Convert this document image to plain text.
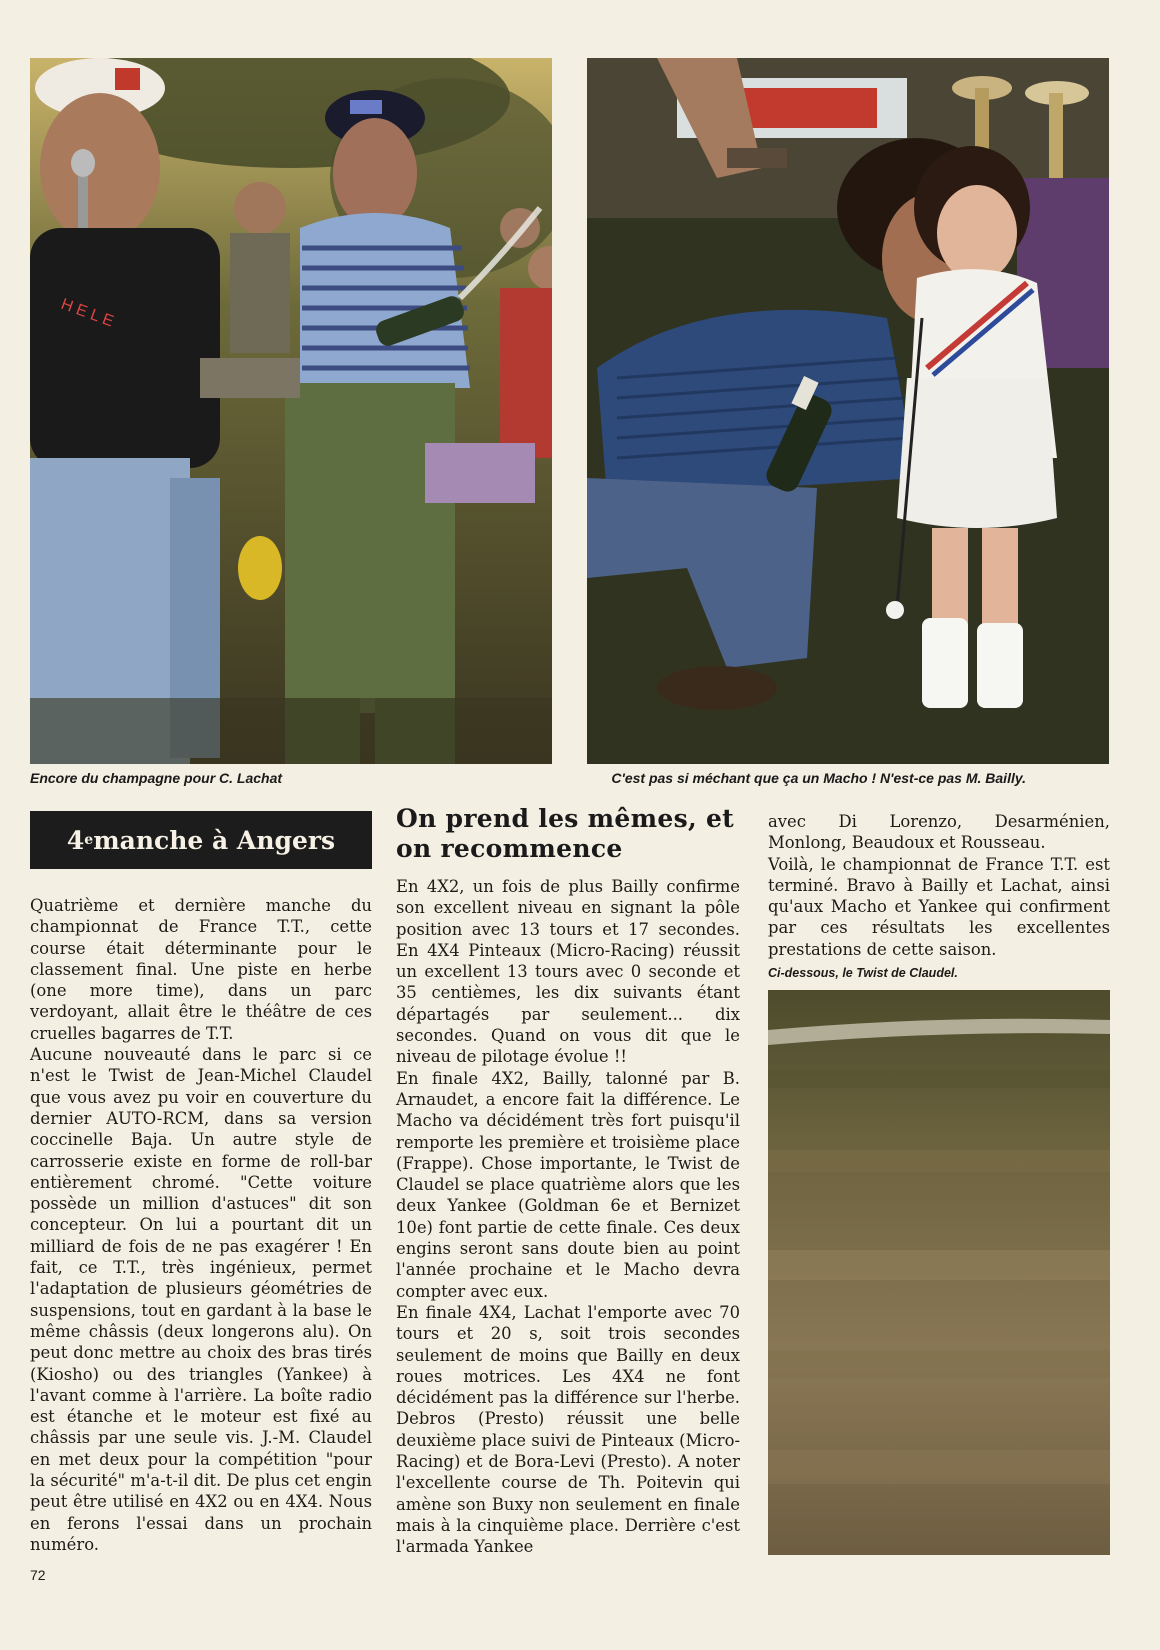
H E L E
Encore du champagne pour C. Lachat	C'est pas si méchant que ça un Macho ! N'est-ce pas M. Bailly.
4 e manche à Angers

Quatrième et dernière manche du championnat de France T.T., cette course était déterminante pour le classement final. Une piste en herbe (one more time), dans un parc verdoyant, allait être le théâtre de ces cruelles bagarres de T.T.

Aucune nouveauté dans le parc si ce n'est le Twist de Jean-Michel Claudel que vous avez pu voir en couverture du dernier AUTO-RCM, dans sa version coccinelle Baja. Un autre style de carrosserie existe en forme de roll-bar entièrement chromé. "Cette voiture possède un million d'astuces" dit son concepteur. On lui a pourtant dit un milliard de fois de ne pas exagérer ! En fait, ce T.T., très ingénieux, permet l'adaptation de plusieurs géométries de suspensions, tout en gardant à la base le même châssis (deux longerons alu). On peut donc mettre au choix des bras tirés (Kiosho) ou des triangles (Yankee) à l'avant comme à l'arrière. La boîte radio est étanche et le moteur est fixé au châssis par une seule vis. J.-M. Claudel en met deux pour la compétition "pour la sécurité" m'a-t-il dit. De plus cet engin peut être utilisé en 4X2 ou en 4X4. Nous en ferons l'essai dans un prochain numéro.

On prend les mêmes, et on recommence

En 4X2, un fois de plus Bailly confirme son excellent niveau en signant la pôle position avec 13 tours et 17 secondes. En 4X4 Pinteaux (Micro-Racing) réussit un excellent 13 tours avec 0 seconde et 35 centièmes, les dix suivants étant départagés par seulement... dix secondes. Quand on vous dit que le niveau de pilotage évolue !!

En finale 4X2, Bailly, talonné par B. Arnaudet, a encore fait la différence. Le Macho va décidément très fort puisqu'il remporte les première et troisième place (Frappe). Chose importante, le Twist de Claudel se place quatrième alors que les deux Yankee (Goldman 6e et Bernizet 10e) font partie de cette finale. Ces deux engins seront sans doute bien au point l'année prochaine et le Macho devra compter avec eux.

En finale 4X4, Lachat l'emporte avec 70 tours et 20 s, soit trois secondes seulement de moins que Bailly en deux roues motrices. Les 4X4 ne font décidément pas la différence sur l'herbe. Debros (Presto) réussit une belle deuxième place suivi de Pinteaux (Micro-Racing) et de Bora-Levi (Presto). A noter l'excellente course de Th. Poitevin qui amène son Buxy non seulement en finale mais à la cinquième place. Derrière c'est l'armada Yankee

avec Di Lorenzo, Desarménien, Monlong, Beaudoux et Rousseau.

Voilà, le championnat de France T.T. est terminé. Bravo à Bailly et Lachat, ainsi qu'aux Macho et Yankee qui confirment par ces résultats les excellentes prestations de cette saison.

Ci-dessous, le Twist de Claudel.
72
